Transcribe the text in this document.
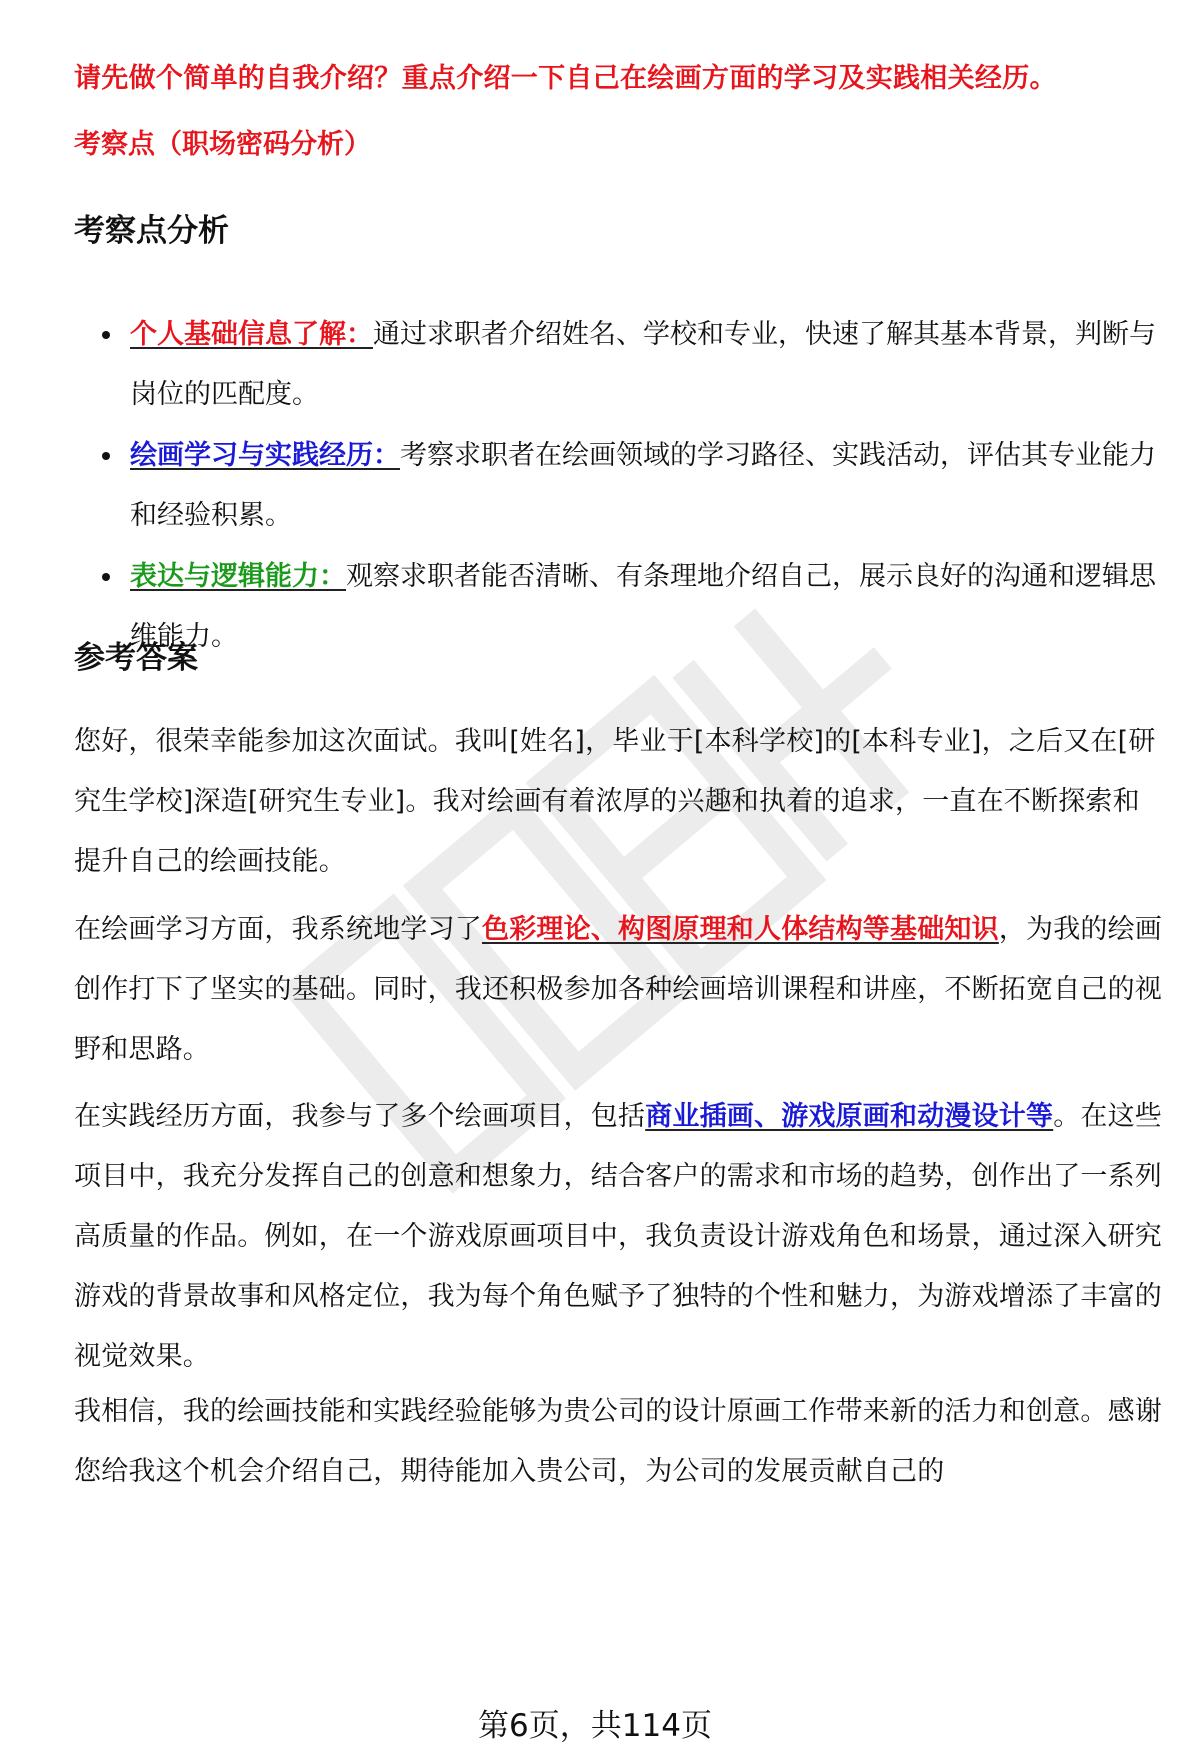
请先做个简单的自我介绍？重点介绍一下自己在绘画方面的学习及实践相关经历。
考察点（职场密码分析）
考察点分析
个人基础信息了解：通过求职者介绍姓名、学校和专业，快速了解其基本背景，判断与岗位的匹配度。
绘画学习与实践经历：考察求职者在绘画领域的学习路径、实践活动，评估其专业能力和经验积累。
表达与逻辑能力：观察求职者能否清晰、有条理地介绍自己，展示良好的沟通和逻辑思维能力。
参考答案

您好，很荣幸能参加这次面试。我叫[姓名]，毕业于[本科学校]的[本科专业]，之后又在[研究生学校]深造[研究生专业]。我对绘画有着浓厚的兴趣和执着的追求，一直在不断探索和提升自己的绘画技能。

在绘画学习方面，我系统地学习了色彩理论、构图原理和人体结构等基础知识，为我的绘画创作打下了坚实的基础。同时，我还积极参加各种绘画培训课程和讲座，不断拓宽自己的视野和思路。

在实践经历方面，我参与了多个绘画项目，包括商业插画、游戏原画和动漫设计等。在这些项目中，我充分发挥自己的创意和想象力，结合客户的需求和市场的趋势，创作出了一系列高质量的作品。例如，在一个游戏原画项目中，我负责设计游戏角色和场景，通过深入研究游戏的背景故事和风格定位，我为每个角色赋予了独特的个性和魅力，为游戏增添了丰富的视觉效果。

我相信，我的绘画技能和实践经验能够为贵公司的设计原画工作带来新的活力和创意。感谢您给我这个机会介绍自己，期待能加入贵公司，为公司的发展贡献自己的

第6页，共114页
